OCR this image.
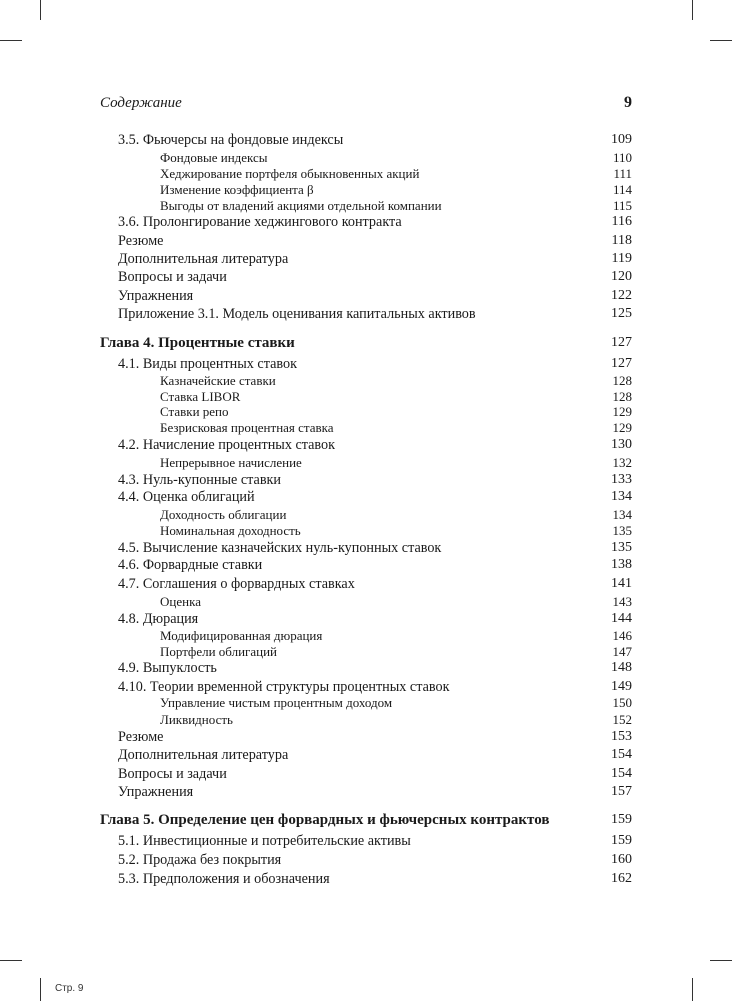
Содержание	9
3.5. Фьючерсы на фондовые индексы	109
Фондовые индексы	110
Хеджирование портфеля обыкновенных акций	111
Изменение коэффициента β	114
Выгоды от владений акциями отдельной компании	115
3.6. Пролонгирование хеджингового контракта	116
Резюме	118
Дополнительная литература	119
Вопросы и задачи	120
Упражнения	122
Приложение 3.1. Модель оценивания капитальных активов	125
Глава 4. Процентные ставки	127
4.1. Виды процентных ставок	127
Казначейские ставки	128
Ставка LIBOR	128
Ставки репо	129
Безрисковая процентная ставка	129
4.2. Начисление процентных ставок	130
Непрерывное начисление	132
4.3. Нуль-купонные ставки	133
4.4. Оценка облигаций	134
Доходность облигации	134
Номинальная доходность	135
4.5. Вычисление казначейских нуль-купонных ставок	135
4.6. Форвардные ставки	138
4.7. Соглашения о форвардных ставках	141
Оценка	143
4.8. Дюрация	144
Модифицированная дюрация	146
Портфели облигаций	147
4.9. Выпуклость	148
4.10. Теории временной структуры процентных ставок	149
Управление чистым процентным доходом	150
Ликвидность	152
Резюме	153
Дополнительная литература	154
Вопросы и задачи	154
Упражнения	157
Глава 5. Определение цен форвардных и фьючерсных контрактов	159
5.1. Инвестиционные и потребительские активы	159
5.2. Продажа без покрытия	160
5.3. Предположения и обозначения	162
Стр. 9
